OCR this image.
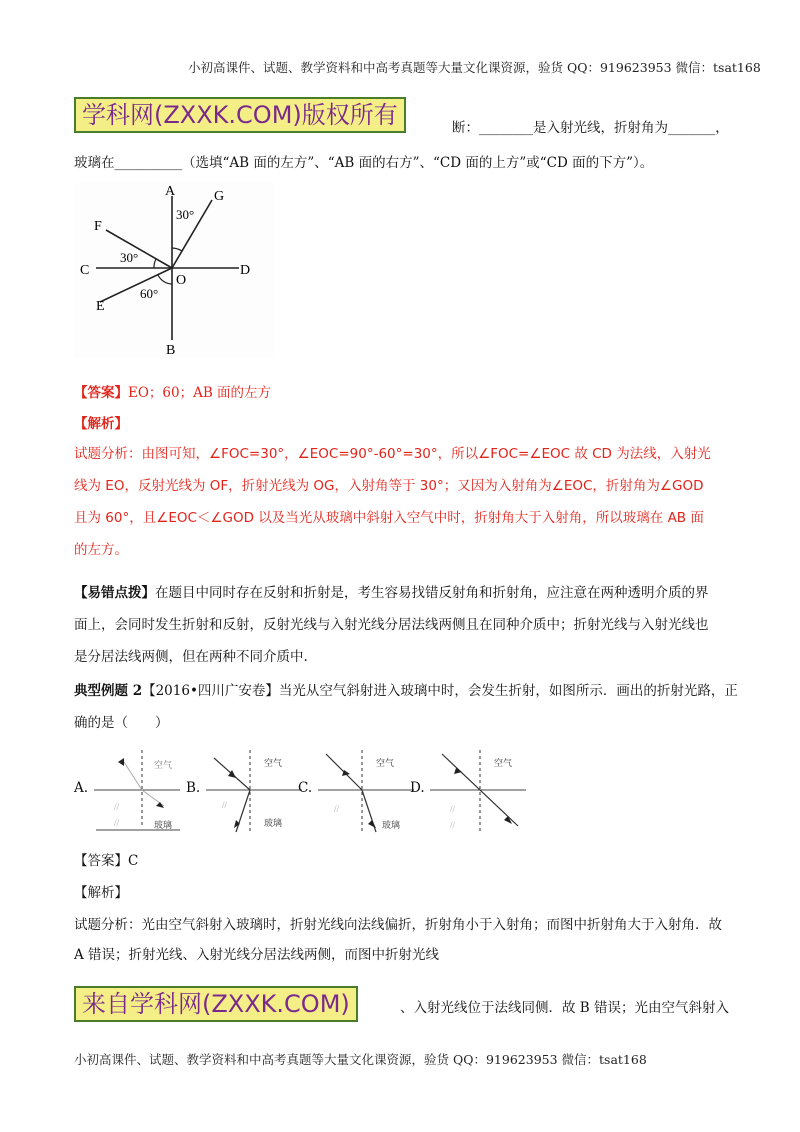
小初高课件、试题、教学资料和中高考真题等大量文化课资源，验货 QQ：919623953 微信：tsat168
学科网(ZXXK.COM)版权所有	断：________是入射光线，折射角为_______，
玻璃在__________（选填“AB 面的左方”、“AB 面的右方”、“CD 面的上方”或“CD 面的下方”）。
A
B
C	D
E
F
G
O
30°
30°
60°
【答案】EO；60；AB 面的左方
【解析】
试题分析：由图可知，∠FOC=30°，∠EOC=90°-60°=30°，所以∠FOC=∠EOC 故 CD 为法线，入射光
线为 EO，反射光线为 OF，折射光线为 OG，入射角等于 30°；又因为入射角为∠EOC，折射角为∠GOD
且为 60°，且∠EOC＜∠GOD 以及当光从玻璃中斜射入空气中时，折射角大于入射角，所以玻璃在 AB 面
的左方。
【易错点拨】在题目中同时存在反射和折射是，考生容易找错反射角和折射角，应注意在两种透明介质的界
面上，会同时发生折射和反射，反射光线与入射光线分居法线两侧且在同种介质中；折射光线与入射光线也
是分居法线两侧，但在两种不同介质中.
典型例题 2【2016•四川广安卷】当光从空气斜射进入玻璃中时，会发生折射，如图所示．画出的折射光路，正
确的是（　　）
A.
空气
玻璃
//
//
B.
空气
玻璃
//
C.
空气
玻璃
//
D.
空气
//
//
【答案】C
【解析】
试题分析：光由空气斜射入玻璃时，折射光线向法线偏折，折射角小于入射角；而图中折射角大于入射角．故
A 错误；折射光线、入射光线分居法线两侧，而图中折射光线
来自学科网(ZXXK.COM)	、入射光线位于法线同侧．故 B 错误；光由空气斜射入
小初高课件、试题、教学资料和中高考真题等大量文化课资源，验货 QQ：919623953 微信：tsat168
